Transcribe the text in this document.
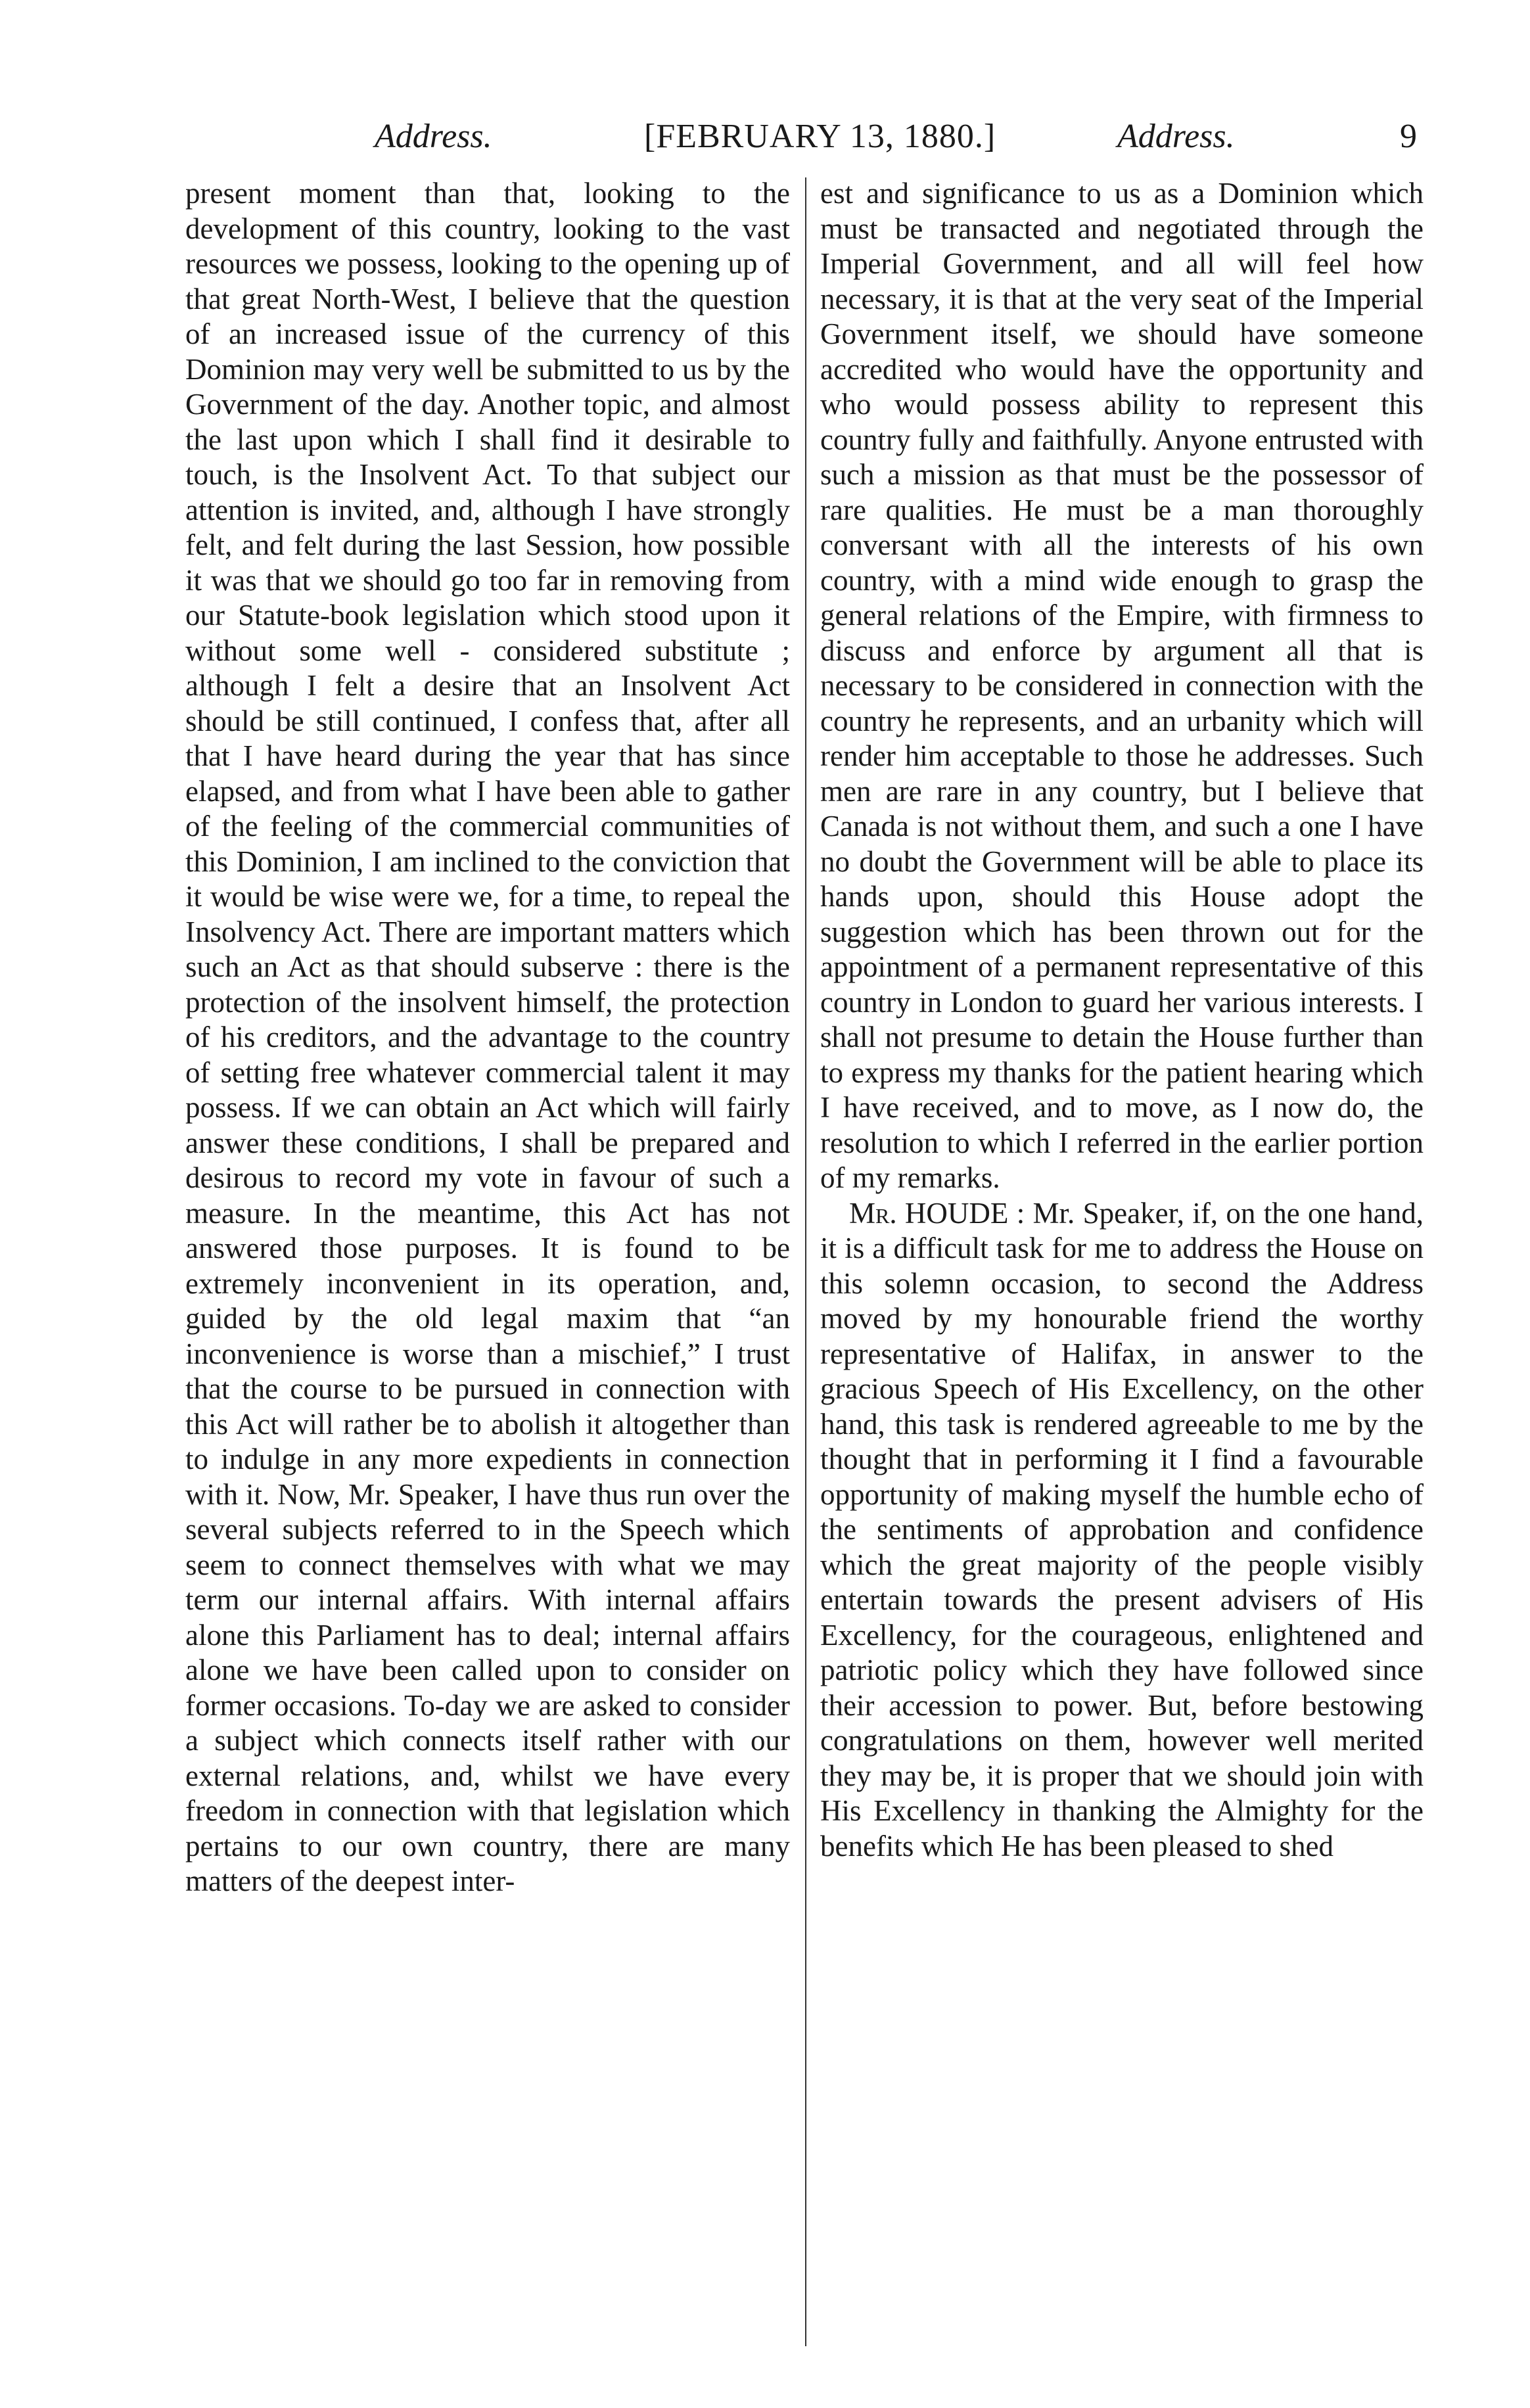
Address.	[FEBRUARY 13, 1880.]	Address.	9

present moment than that, looking to the development of this country, looking to the vast resources we possess, looking to the opening up of that great North-West, I believe that the question of an increased issue of the currency of this Dominion may very well be submitted to us by the Government of the day. Another topic, and almost the last upon which I shall find it desirable to touch, is the Insolvent Act. To that subject our attention is invited, and, although I have strongly felt, and felt during the last Session, how possible it was that we should go too far in removing from our Statute-book legislation which stood upon it without some well - considered substitute ; although I felt a desire that an Insolvent Act should be still continued, I confess that, after all that I have heard during the year that has since elapsed, and from what I have been able to gather of the feeling of the commercial communities of this Dominion, I am inclined to the conviction that it would be wise were we, for a time, to repeal the Insolvency Act. There are important matters which such an Act as that should subserve : there is the protection of the insolvent himself, the protection of his creditors, and the advantage to the country of setting free whatever commercial talent it may possess. If we can obtain an Act which will fairly answer these conditions, I shall be prepared and desirous to record my vote in favour of such a measure. In the meantime, this Act has not answered those purposes. It is found to be extremely inconvenient in its operation, and, guided by the old legal maxim that “an inconvenience is worse than a mischief,” I trust that the course to be pursued in connection with this Act will rather be to abolish it altogether than to indulge in any more expedients in connection with it. Now, Mr. Speaker, I have thus run over the several subjects referred to in the Speech which seem to connect themselves with what we may term our internal affairs. With internal affairs alone this Parliament has to deal; internal affairs alone we have been called upon to consider on former occasions. To-day we are asked to consider a subject which connects itself rather with our external relations, and, whilst we have every freedom in connection with that legislation which pertains to our own country, there are many matters of the deepest inter-

est and significance to us as a Dominion which must be transacted and negotiated through the Imperial Government, and all will feel how necessary, it is that at the very seat of the Imperial Government itself, we should have someone accredited who would have the opportunity and who would possess ability to represent this country fully and faithfully. Anyone entrusted with such a mission as that must be the possessor of rare qualities. He must be a man thoroughly conversant with all the interests of his own country, with a mind wide enough to grasp the general relations of the Empire, with firmness to discuss and enforce by argument all that is necessary to be considered in connection with the country he represents, and an urbanity which will render him acceptable to those he addresses. Such men are rare in any country, but I believe that Canada is not without them, and such a one I have no doubt the Government will be able to place its hands upon, should this House adopt the suggestion which has been thrown out for the appointment of a permanent representative of this country in London to guard her various interests. I shall not presume to detain the House further than to express my thanks for the patient hearing which I have received, and to move, as I now do, the resolution to which I referred in the earlier portion of my remarks.

Mr. HOUDE : Mr. Speaker, if, on the one hand, it is a difficult task for me to address the House on this solemn occasion, to second the Address moved by my honourable friend the worthy representative of Halifax, in answer to the gracious Speech of His Excellency, on the other hand, this task is rendered agreeable to me by the thought that in performing it I find a favourable opportunity of making myself the humble echo of the sentiments of approbation and confidence which the great majority of the people visibly entertain towards the present advisers of His Excellency, for the courageous, enlightened and patriotic policy which they have followed since their accession to power. But, before bestowing congratulations on them, however well merited they may be, it is proper that we should join with His Excellency in thanking the Almighty for the benefits which He has been pleased to shed
